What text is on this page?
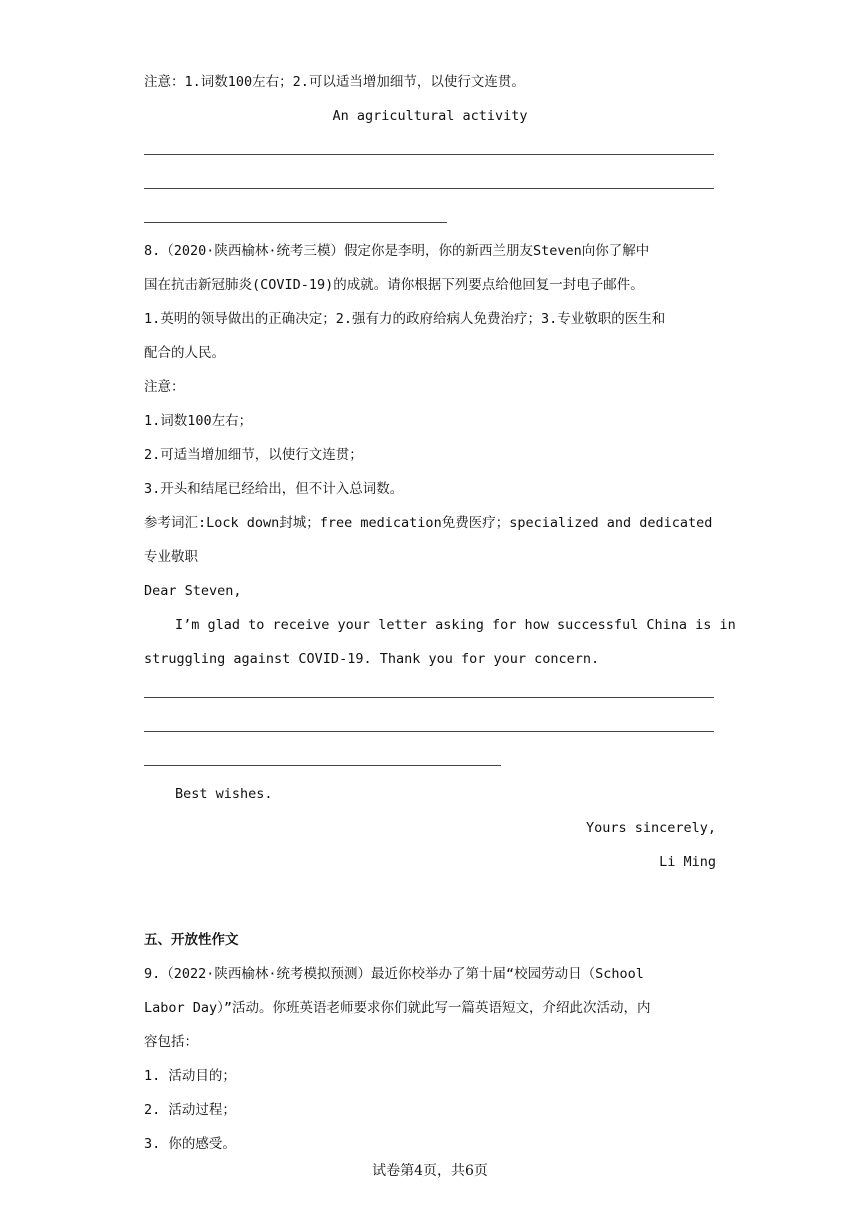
注意：1.词数100左右；2.可以适当增加细节，以使行文连贯。
An agricultural activity
8.（2020·陕西榆林·统考三模）假定你是李明，你的新西兰朋友Steven向你了解中
国在抗击新冠肺炎(COVID-19)的成就。请你根据下列要点给他回复一封电子邮件。
1.英明的领导做出的正确决定；2.强有力的政府给病人免费治疗；3.专业敬职的医生和
配合的人民。
注意：
1.词数100左右；
2.可适当增加细节，以使行文连贯；
3.开头和结尾已经给出，但不计入总词数。
参考词汇:Lock down封城；free medication免费医疗；specialized and dedicated
专业敬职
Dear Steven,
I’m glad to receive your letter asking for how successful China is in
struggling against COVID-19. Thank you for your concern.
Best wishes.
Yours sincerely,
Li Ming
五、开放性作文
9.（2022·陕西榆林·统考模拟预测）最近你校举办了第十届“校园劳动日（School
Labor Day）”活动。你班英语老师要求你们就此写一篇英语短文，介绍此次活动，内
容包括：
1. 活动目的；
2. 活动过程；
3. 你的感受。
试卷第4页，共6页
